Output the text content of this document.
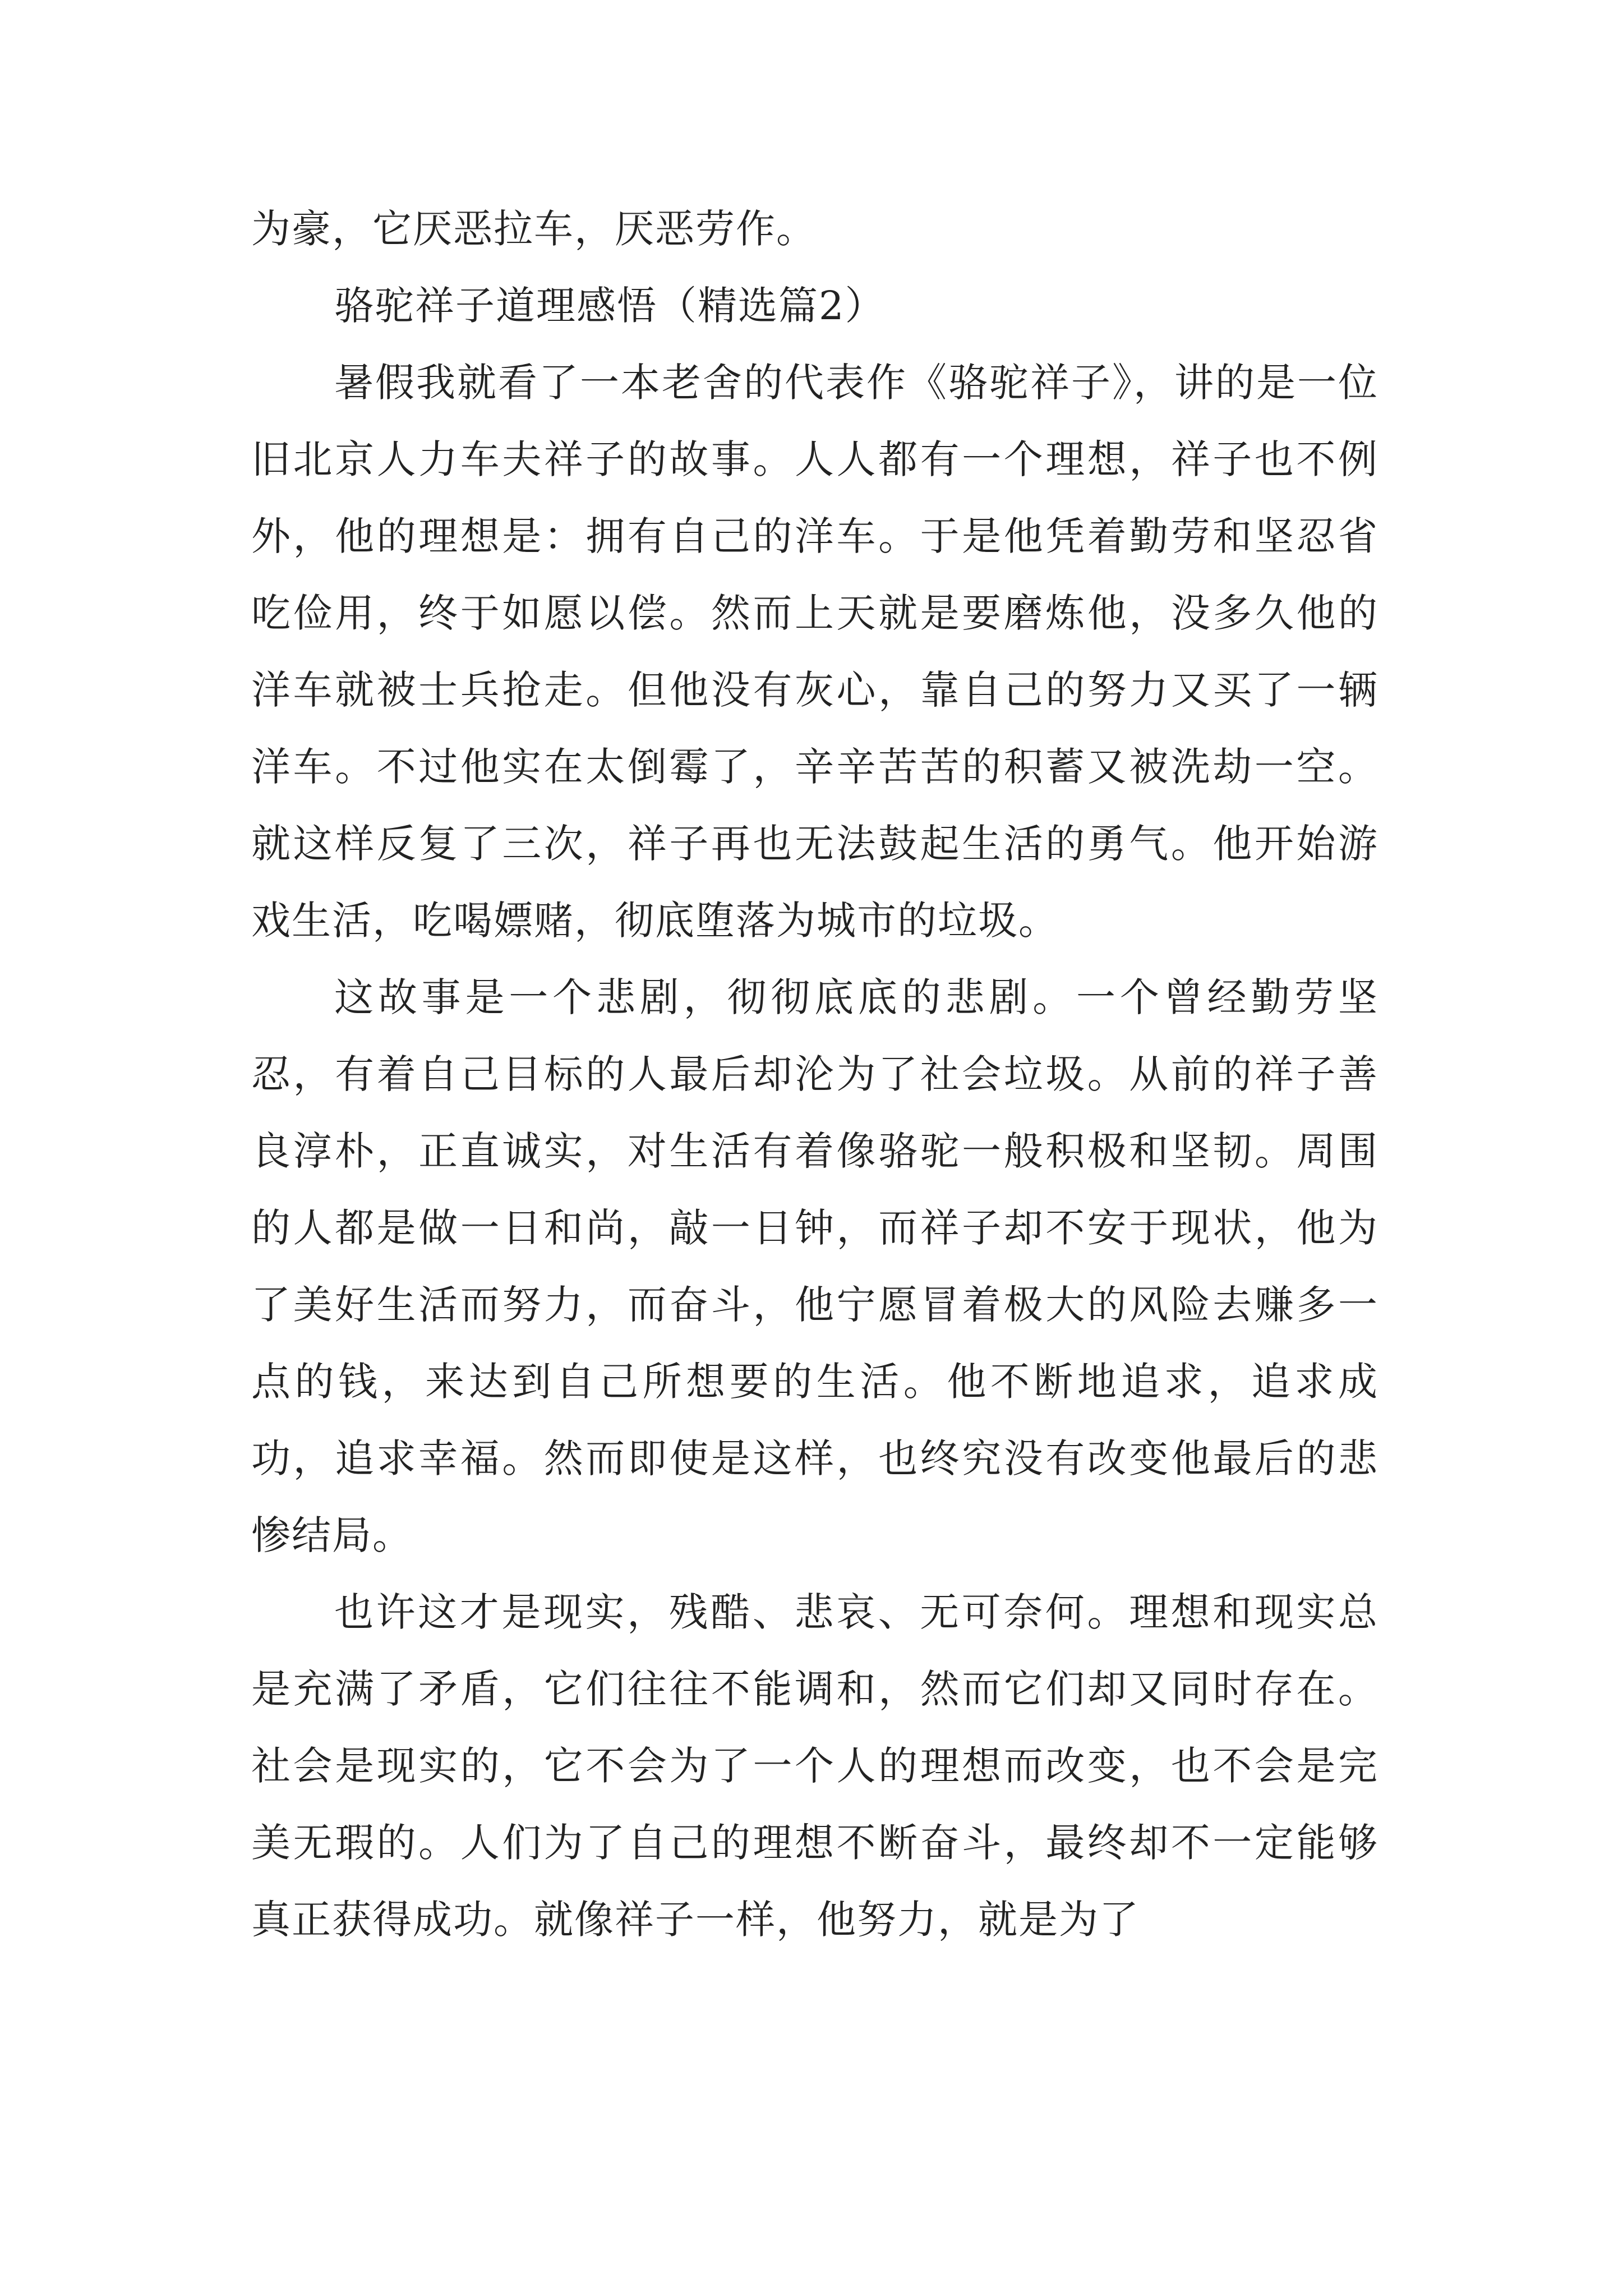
为豪，它厌恶拉车，厌恶劳作。

骆驼祥子道理感悟（精选篇2）

暑假我就看了一本老舍的代表作《骆驼祥子》，讲的是一位旧北京人力车夫祥子的故事。人人都有一个理想，祥子也不例外，他的理想是：拥有自己的洋车。于是他凭着勤劳和坚忍省吃俭用，终于如愿以偿。然而上天就是要磨炼他，没多久他的洋车就被士兵抢走。但他没有灰心，靠自己的努力又买了一辆洋车。不过他实在太倒霉了，辛辛苦苦的积蓄又被洗劫一空。就这样反复了三次，祥子再也无法鼓起生活的勇气。他开始游戏生活，吃喝嫖赌，彻底堕落为城市的垃圾。

这故事是一个悲剧，彻彻底底的悲剧。一个曾经勤劳坚忍，有着自己目标的人最后却沦为了社会垃圾。从前的祥子善良淳朴，正直诚实，对生活有着像骆驼一般积极和坚韧。周围的人都是做一日和尚，敲一日钟，而祥子却不安于现状，他为了美好生活而努力，而奋斗，他宁愿冒着极大的风险去赚多一点的钱，来达到自己所想要的生活。他不断地追求，追求成功，追求幸福。然而即使是这样，也终究没有改变他最后的悲惨结局。

也许这才是现实，残酷、悲哀、无可奈何。理想和现实总是充满了矛盾，它们往往不能调和，然而它们却又同时存在。社会是现实的，它不会为了一个人的理想而改变，也不会是完美无瑕的。人们为了自己的理想不断奋斗，最终却不一定能够真正获得成功。就像祥子一样，他努力，就是为了
